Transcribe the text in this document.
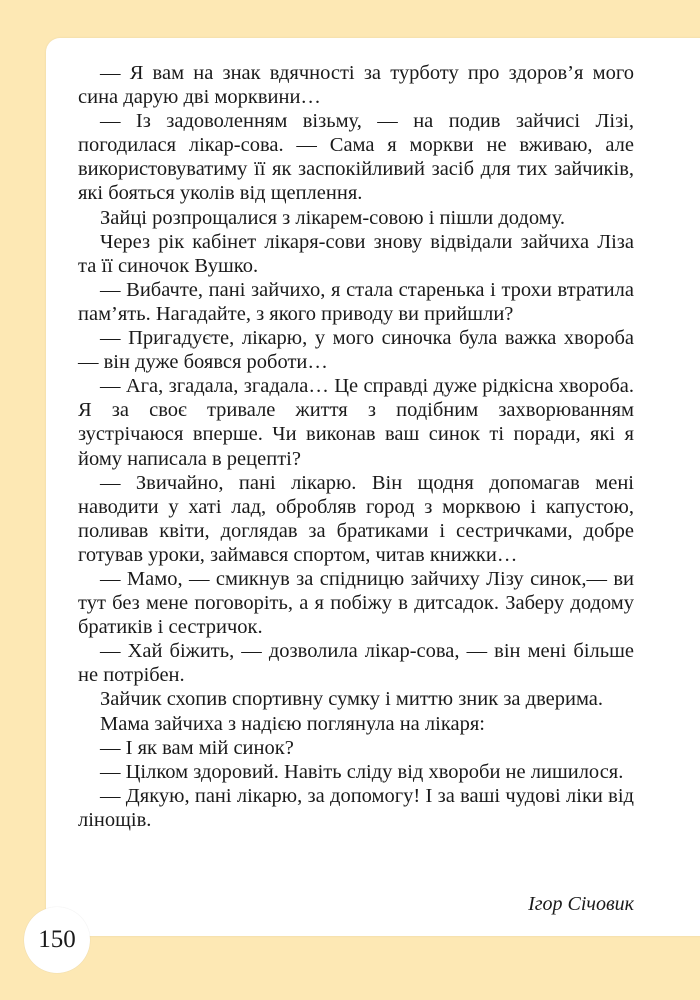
— Я вам на знак вдячності за турботу про здоров’я мого сина дарую дві морквини…

— Із задоволенням візьму, — на подив зайчисі Лізі, погодилася лікар-сова. — Сама я моркви не вживаю, але використовуватиму її як заспокійливий засіб для тих зайчиків, які бояться уколів від щеплення.

Зайці розпрощалися з лікарем-совою і пішли додому.

Через рік кабінет лікаря-сови знову відвідали зайчиха Ліза та її синочок Вушко.

— Вибачте, пані зайчихо, я стала старенька і трохи втратила пам’ять. Нагадайте, з якого приводу ви прийшли?

— Пригадуєте, лікарю, у мого синочка була важка хвороба — він дуже боявся роботи…

— Ага, згадала, згадала… Це справді дуже рідкісна хвороба. Я за своє тривале життя з подібним захворюванням зустрічаюся вперше. Чи виконав ваш синок ті поради, які я йому написала в рецепті?

— Звичайно, пані лікарю. Він щодня допомагав мені наводити у хаті лад, обробляв город з морквою і капустою, поливав квіти, доглядав за братиками і сестричками, добре готував уроки, займався спортом, читав книжки…

— Мамо, — смикнув за спідницю зайчиху Лізу синок,— ви тут без мене поговоріть, а я побіжу в дитсадок. Заберу додому братиків і сестричок.

— Хай біжить, — дозволила лікар-сова, — він мені більше не потрібен.

Зайчик схопив спортивну сумку і миттю зник за дверима.

Мама зайчиха з надією поглянула на лікаря:

— І як вам мій синок?

— Цілком здоровий. Навіть сліду від хвороби не лишилося.

— Дякую, пані лікарю, за допомогу! І за ваші чудові ліки від лінощів.

Ігор Січовик
150
